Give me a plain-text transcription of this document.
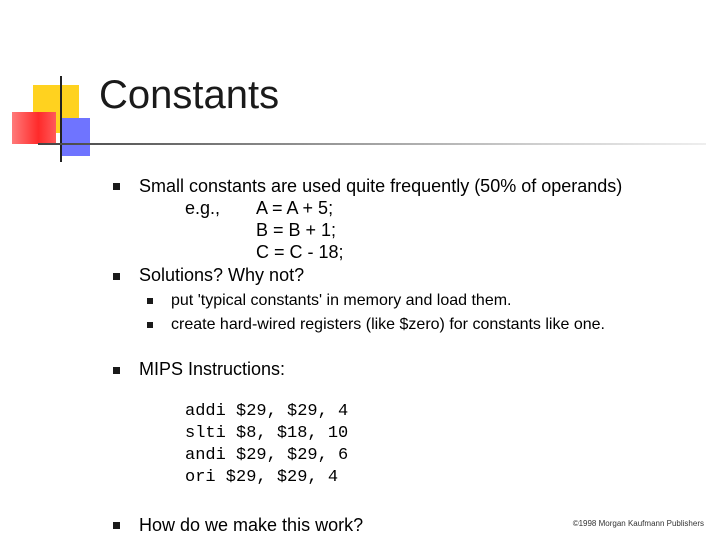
Constants
Small constants are used quite frequently (50% of operands)
e.g., A = A + 5;
B = B + 1;
C = C - 18;
Solutions? Why not?
put 'typical constants' in memory and load them.
create hard-wired registers (like $zero) for constants like one.
MIPS Instructions:
addi $29, $29, 4
slti $8, $18, 10
andi $29, $29, 6
ori $29, $29, 4
How do we make this work?	©1998 Morgan Kaufmann Publishers
